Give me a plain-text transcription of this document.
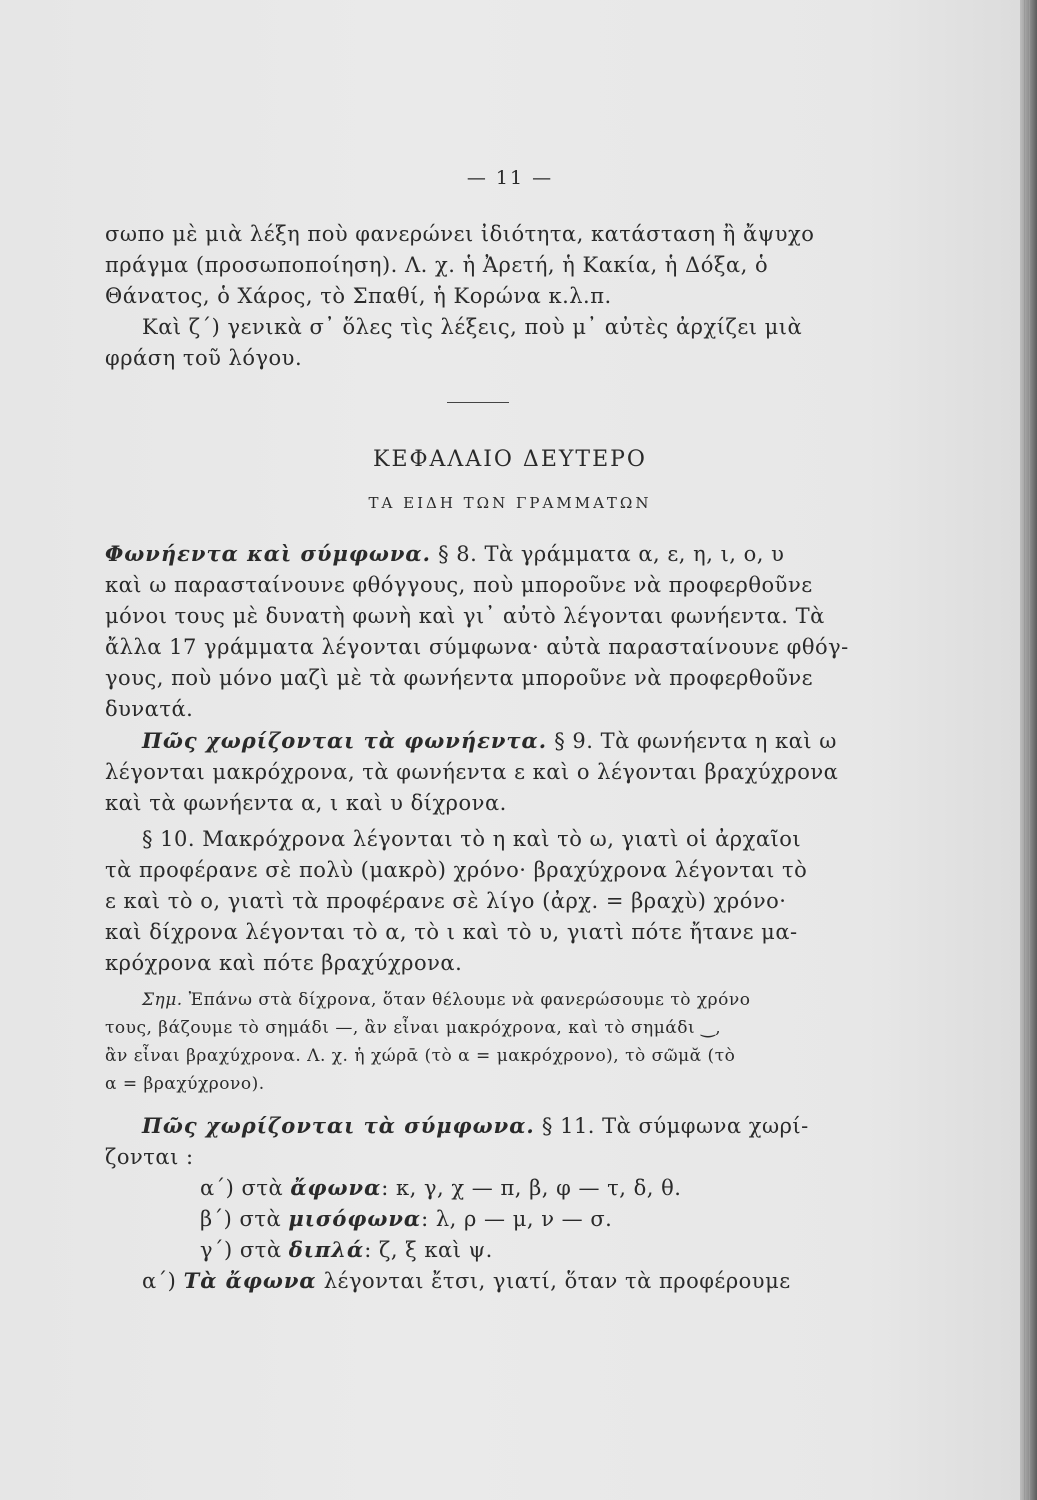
— 11 —
σωπο μὲ μιὰ λέξη ποὺ φανερώνει ἰδιότητα, κατάσταση ἢ ἄψυχο
πράγμα (προσωποποίηση). Λ. χ. ἡ Ἀρετή, ἡ Κακία, ἡ Δόξα, ὁ
Θάνατος, ὁ Χάρος, τὸ Σπαθί, ἡ Κορώνα κ.λ.π.
Καὶ ζ΄) γενικὰ σ᾽ ὅλες τὶς λέξεις, ποὺ μ᾽ αὐτὲς ἀρχίζει μιὰ
φράση τοῦ λόγου.
ΚΕΦΑΛΑΙΟ ΔΕΥΤΕΡΟ
ΤΑ ΕΙΔΗ ΤΩΝ ΓΡΑΜΜΑΤΩΝ
Φωνήεντα καὶ σύμφωνα. § 8. Τὰ γράμματα α, ε, η, ι, ο, υ
καὶ ω παρασταίνουνε φθόγγους, ποὺ μποροῦνε νὰ προφερθοῦνε
μόνοι τους μὲ δυνατὴ φωνὴ καὶ γι᾽ αὐτὸ λέγονται φωνήεντα. Τὰ
ἄλλα 17 γράμματα λέγονται σύμφωνα· αὐτὰ παρασταίνουνε φθόγ-
γους, ποὺ μόνο μαζὶ μὲ τὰ φωνήεντα μποροῦνε νὰ προφερθοῦνε
δυνατά.
Πῶς χωρίζονται τὰ φωνήεντα. § 9. Τὰ φωνήεντα η καὶ ω
λέγονται μακρόχρονα, τὰ φωνήεντα ε καὶ ο λέγονται βραχύχρονα
καὶ τὰ φωνήεντα α, ι καὶ υ δίχρονα.
§ 10. Μακρόχρονα λέγονται τὸ η καὶ τὸ ω, γιατὶ οἱ ἀρχαῖοι
τὰ προφέρανε σὲ πολὺ (μακρὸ) χρόνο· βραχύχρονα λέγονται τὸ
ε καὶ τὸ ο, γιατὶ τὰ προφέρανε σὲ λίγο (ἀρχ. = βραχὺ) χρόνο·
καὶ δίχρονα λέγονται τὸ α, τὸ ι καὶ τὸ υ, γιατὶ πότε ἤτανε μα-
κρόχρονα καὶ πότε βραχύχρονα.
Σημ. Ἐπάνω στὰ δίχρονα, ὅταν θέλουμε νὰ φανερώσουμε τὸ χρόνο
τους, βάζουμε τὸ σημάδι —, ἂν εἶναι μακρόχρονα, καὶ τὸ σημάδι ‿,
ἂν εἶναι βραχύχρονα. Λ. χ. ἡ χώρᾱ (τὸ α = μακρόχρονο), τὸ σῶμᾰ (τὸ
α = βραχύχρονο).
Πῶς χωρίζονται τὰ σύμφωνα. § 11. Τὰ σύμφωνα χωρί-
ζονται :
α΄) στὰ ἄφωνα: κ, γ, χ — π, β, φ — τ, δ, θ.
β΄) στὰ μισόφωνα: λ, ρ — μ, ν — σ.
γ΄) στὰ διπλά: ζ, ξ καὶ ψ.
α΄) Τὰ ἄφωνα λέγονται ἔτσι, γιατί, ὅταν τὰ προφέρουμε
